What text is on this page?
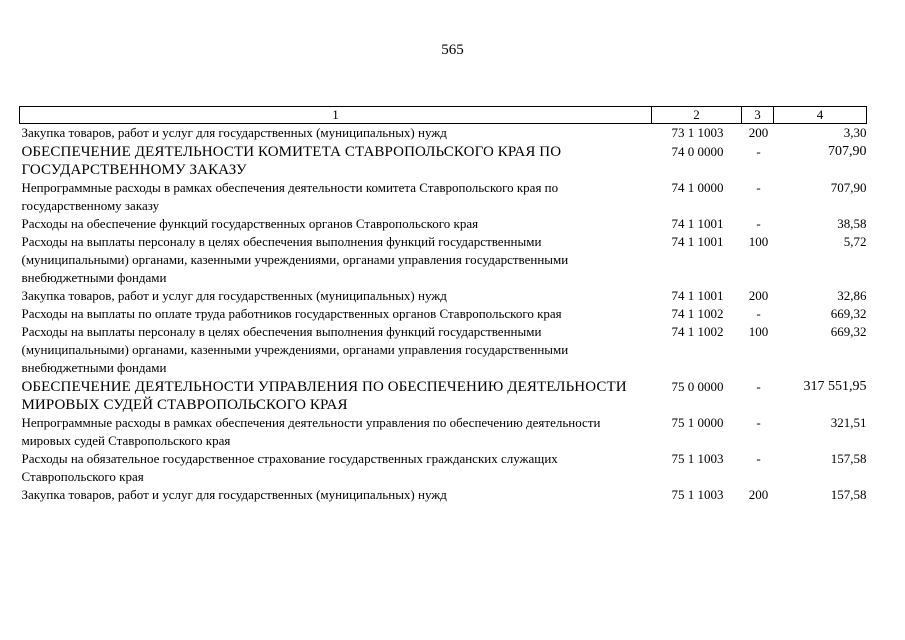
565
1	2	3	4
Закупка товаров, работ и услуг для государственных (муниципальных) нужд	73 1 1003	200	3,30
ОБЕСПЕЧЕНИЕ ДЕЯТЕЛЬНОСТИ КОМИТЕТА СТАВРОПОЛЬСКОГО КРАЯ ПО ГОСУДАРСТВЕННОМУ ЗАКАЗУ	74 0 0000	-	707,90
Непрограммные расходы в рамках обеспечения деятельности комитета Ставропольского края по государственному заказу	74 1 0000	-	707,90
Расходы на обеспечение функций государственных органов Ставропольского края	74 1 1001	-	38,58
Расходы на выплаты персоналу в целях обеспечения выполнения функций государственными (муниципальными) органами, казенными учреждениями, органами управления государственными внебюджетными фондами	74 1 1001	100	5,72
Закупка товаров, работ и услуг для государственных (муниципальных) нужд	74 1 1001	200	32,86
Расходы на выплаты по оплате труда работников государственных органов Ставропольского края	74 1 1002	-	669,32
Расходы на выплаты персоналу в целях обеспечения выполнения функций государственными (муниципальными) органами, казенными учреждениями, органами управления государственными внебюджетными фондами	74 1 1002	100	669,32
ОБЕСПЕЧЕНИЕ ДЕЯТЕЛЬНОСТИ УПРАВЛЕНИЯ ПО ОБЕСПЕЧЕНИЮ ДЕЯТЕЛЬНОСТИ МИРОВЫХ СУДЕЙ СТАВРОПОЛЬСКОГО КРАЯ	75 0 0000	-	317 551,95
Непрограммные расходы в рамках обеспечения деятельности управления по обеспечению деятельности мировых судей Ставропольского края	75 1 0000	-	321,51
Расходы на обязательное государственное страхование государственных гражданских служащих Ставропольского края	75 1 1003	-	157,58
Закупка товаров, работ и услуг для государственных (муниципальных) нужд	75 1 1003	200	157,58
